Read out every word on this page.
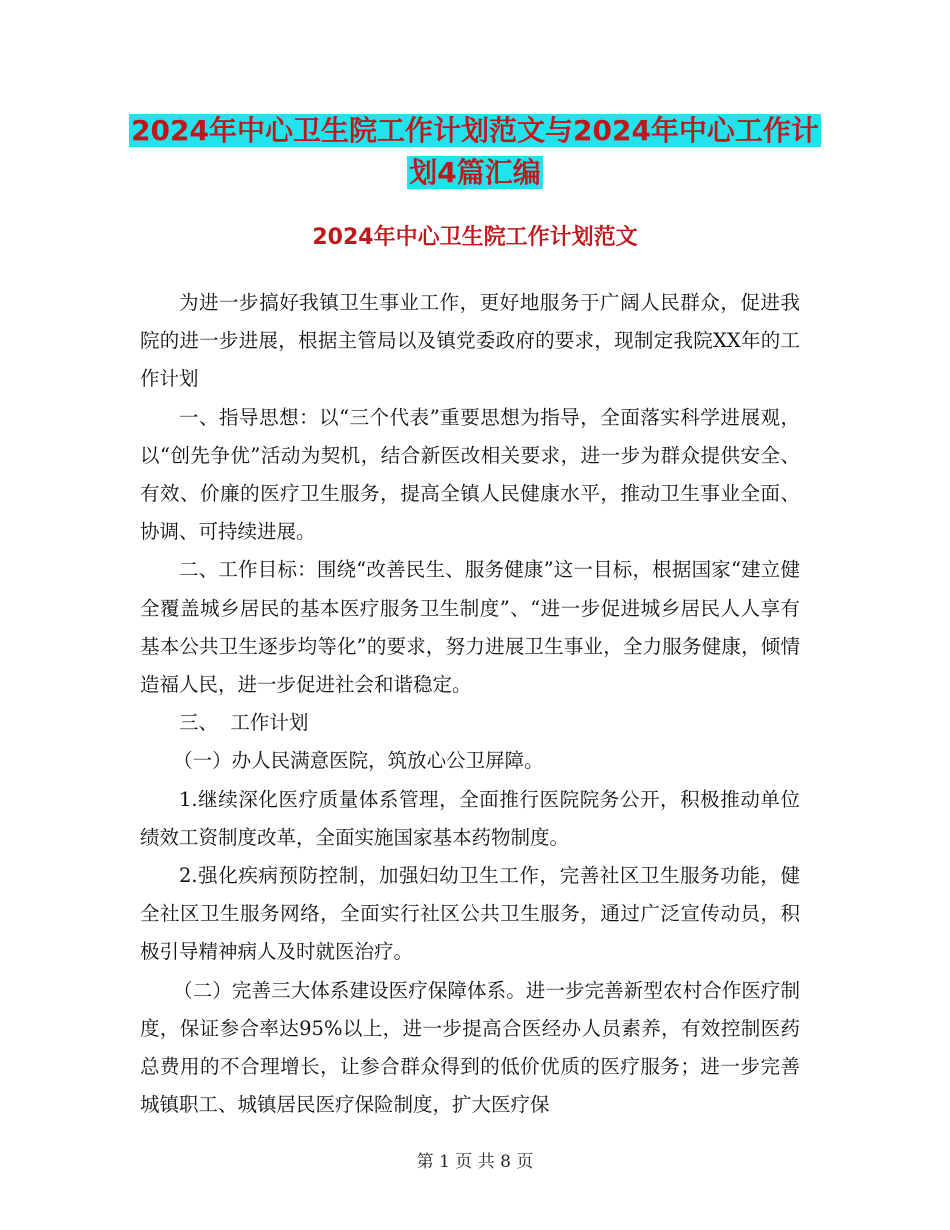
2024年中心卫生院工作计划范文与2024年中心工作计
划4篇汇编
2024年中心卫生院工作计划范文

为进一步搞好我镇卫生事业工作，更好地服务于广阔人民群众，促进我院的进一步进展，根据主管局以及镇党委政府的要求，现制定我院XX年的工作计划

一、指导思想：以“三个代表”重要思想为指导，全面落实科学进展观，以“创先争优”活动为契机，结合新医改相关要求，进一步为群众提供安全、有效、价廉的医疗卫生服务，提高全镇人民健康水平，推动卫生事业全面、协调、可持续进展。

二、工作目标：围绕“改善民生、服务健康”这一目标，根据国家“建立健全覆盖城乡居民的基本医疗服务卫生制度”、“进一步促进城乡居民人人享有基本公共卫生逐步均等化”的要求，努力进展卫生事业，全力服务健康，倾情造福人民，进一步促进社会和谐稳定。

三、  工作计划

（一）办人民满意医院，筑放心公卫屏障。

1.继续深化医疗质量体系管理，全面推行医院院务公开，积极推动单位绩效工资制度改革，全面实施国家基本药物制度。

2.强化疾病预防控制，加强妇幼卫生工作，完善社区卫生服务功能，健全社区卫生服务网络，全面实行社区公共卫生服务，通过广泛宣传动员，积极引导精神病人及时就医治疗。

（二）完善三大体系建设医疗保障体系。进一步完善新型农村合作医疗制度，保证参合率达95%以上，进一步提高合医经办人员素养，有效控制医药总费用的不合理增长，让参合群众得到的低价优质的医疗服务；进一步完善城镇职工、城镇居民医疗保险制度，扩大医疗保

第 1 页 共 8 页
